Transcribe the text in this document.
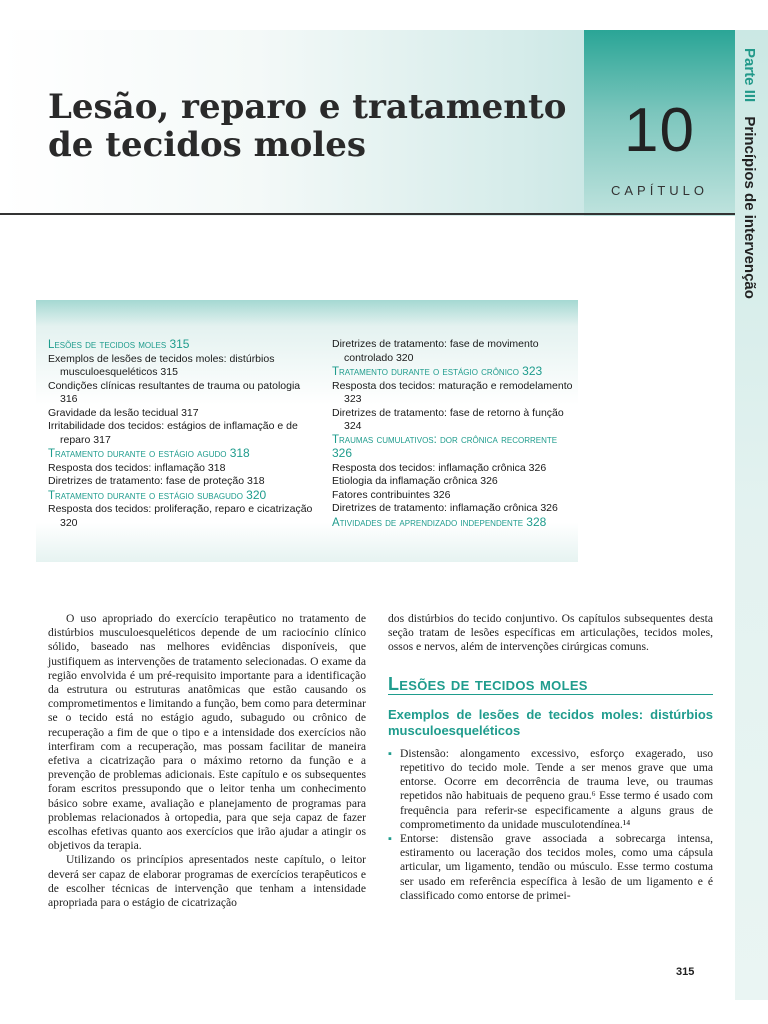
Lesão, reparo e tratamento
de tecidos moles	10
CAPÍTULO
Parte III Princípios de intervenção
Lesões de tecidos moles 315
Exemplos de lesões de tecidos moles: distúrbios musculoesqueléticos 315
Condições clínicas resultantes de trauma ou patologia 316
Gravidade da lesão tecidual 317
Irritabilidade dos tecidos: estágios de inflamação e de reparo 317
Tratamento durante o estágio agudo 318
Resposta dos tecidos: inflamação 318
Diretrizes de tratamento: fase de proteção 318
Tratamento durante o estágio subagudo 320
Resposta dos tecidos: proliferação, reparo e cicatrização 320
Diretrizes de tratamento: fase de movimento controlado 320
Tratamento durante o estágio crônico 323
Resposta dos tecidos: maturação e remodelamento 323
Diretrizes de tratamento: fase de retorno à função 324
Traumas cumulativos: dor crônica recorrente 326
Resposta dos tecidos: inflamação crônica 326
Etiologia da inflamação crônica 326
Fatores contribuintes 326
Diretrizes de tratamento: inflamação crônica 326
Atividades de aprendizado independente 328

O uso apropriado do exercício terapêutico no tratamento de distúrbios musculoesqueléticos depende de um raciocínio clínico sólido, baseado nas melhores evidências disponíveis, que justifiquem as intervenções de tratamento selecionadas. O exame da região envolvida é um pré-requisito importante para a identificação da estrutura ou estruturas anatômicas que estão causando os comprometimentos e limitando a função, bem como para determinar se o tecido está no estágio agudo, subagudo ou crônico de recuperação a fim de que o tipo e a intensidade dos exercícios não interfiram com a recuperação, mas possam facilitar de maneira efetiva a cicatrização para o máximo retorno da função e a prevenção de problemas adicionais. Este capítulo e os subsequentes foram escritos pressupondo que o leitor tenha um conhecimento básico sobre exame, avaliação e planejamento de programas para problemas relacionados à ortopedia, para que seja capaz de fazer escolhas efetivas quanto aos exercícios que irão ajudar a atingir os objetivos da terapia.

Utilizando os princípios apresentados neste capítulo, o leitor deverá ser capaz de elaborar programas de exercícios terapêuticos e de escolher técnicas de intervenção que tenham a intensidade apropriada para o estágio de cicatrização

dos distúrbios do tecido conjuntivo. Os capítulos subsequentes desta seção tratam de lesões específicas em articulações, tecidos moles, ossos e nervos, além de intervenções cirúrgicas comuns.

Lesões de tecidos moles
Exemplos de lesões de tecidos moles: distúrbios musculoesqueléticos
▪ Distensão: alongamento excessivo, esforço exagerado, uso repetitivo do tecido mole. Tende a ser menos grave que uma entorse. Ocorre em decorrência de trauma leve, ou traumas repetidos não habituais de pequeno grau.⁶ Esse termo é usado com frequência para referir-se especificamente a alguns graus de comprometimento da unidade musculotendínea.¹⁴
▪ Entorse: distensão grave associada a sobrecarga intensa, estiramento ou laceração dos tecidos moles, como uma cápsula articular, um ligamento, tendão ou músculo. Esse termo costuma ser usado em referência específica à lesão de um ligamento e é classificado como entorse de primei-
315
